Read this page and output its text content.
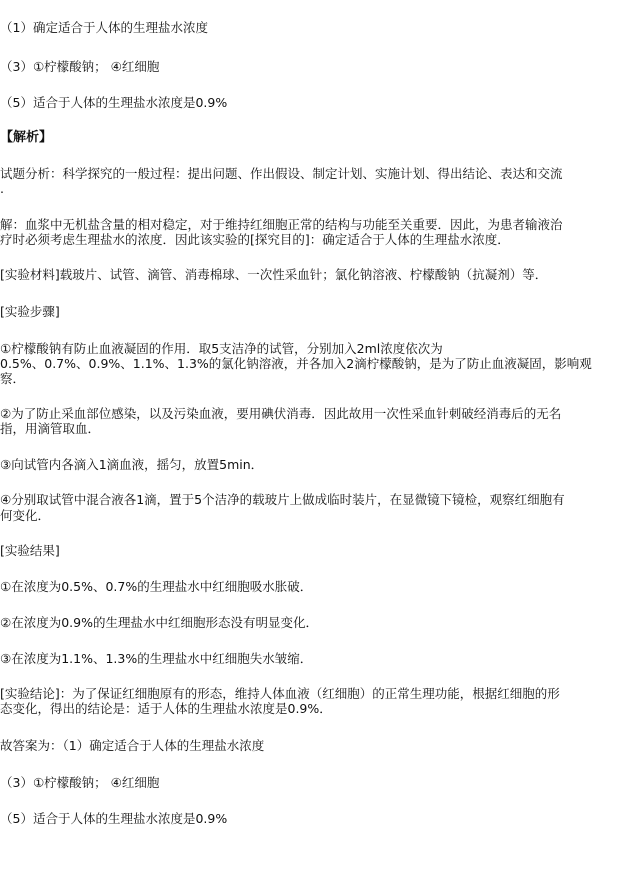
（1）确定适合于人体的生理盐水浓度
（3）①柠檬酸钠； ④红细胞
（5）适合于人体的生理盐水浓度是0.9%
【解析】
试题分析：科学探究的一般过程：提出问题、作出假设、制定计划、实施计划、得出结论、表达和交流
.
解：血浆中无机盐含量的相对稳定，对于维持红细胞正常的结构与功能至关重要．因此，为患者输液治
疗时必须考虑生理盐水的浓度．因此该实验的[探究目的]：确定适合于人体的生理盐水浓度．
[实验材料]载玻片、试管、滴管、消毒棉球、一次性采血针；氯化钠溶液、柠檬酸钠（抗凝剂）等．
[实验步骤]
①柠檬酸钠有防止血液凝固的作用．取5支洁净的试管，分别加入2ml浓度依次为
0.5%、0.7%、0.9%、1.1%、1.3%的氯化钠溶液，并各加入2滴柠檬酸钠，是为了防止血液凝固，影响观
察．
②为了防止采血部位感染，以及污染血液，要用碘伏消毒．因此故用一次性采血针刺破经消毒后的无名
指，用滴管取血．
③向试管内各滴入1滴血液，摇匀，放置5min．
④分别取试管中混合液各1滴，置于5个洁净的载玻片上做成临时装片，在显微镜下镜检，观察红细胞有
何变化．
[实验结果]
①在浓度为0.5%、0.7%的生理盐水中红细胞吸水胀破．
②在浓度为0.9%的生理盐水中红细胞形态没有明显变化．
③在浓度为1.1%、1.3%的生理盐水中红细胞失水皱缩．
[实验结论]：为了保证红细胞原有的形态，维持人体血液（红细胞）的正常生理功能，根据红细胞的形
态变化，得出的结论是：适于人体的生理盐水浓度是0.9%．
故答案为：（1）确定适合于人体的生理盐水浓度
（3）①柠檬酸钠； ④红细胞
（5）适合于人体的生理盐水浓度是0.9%
